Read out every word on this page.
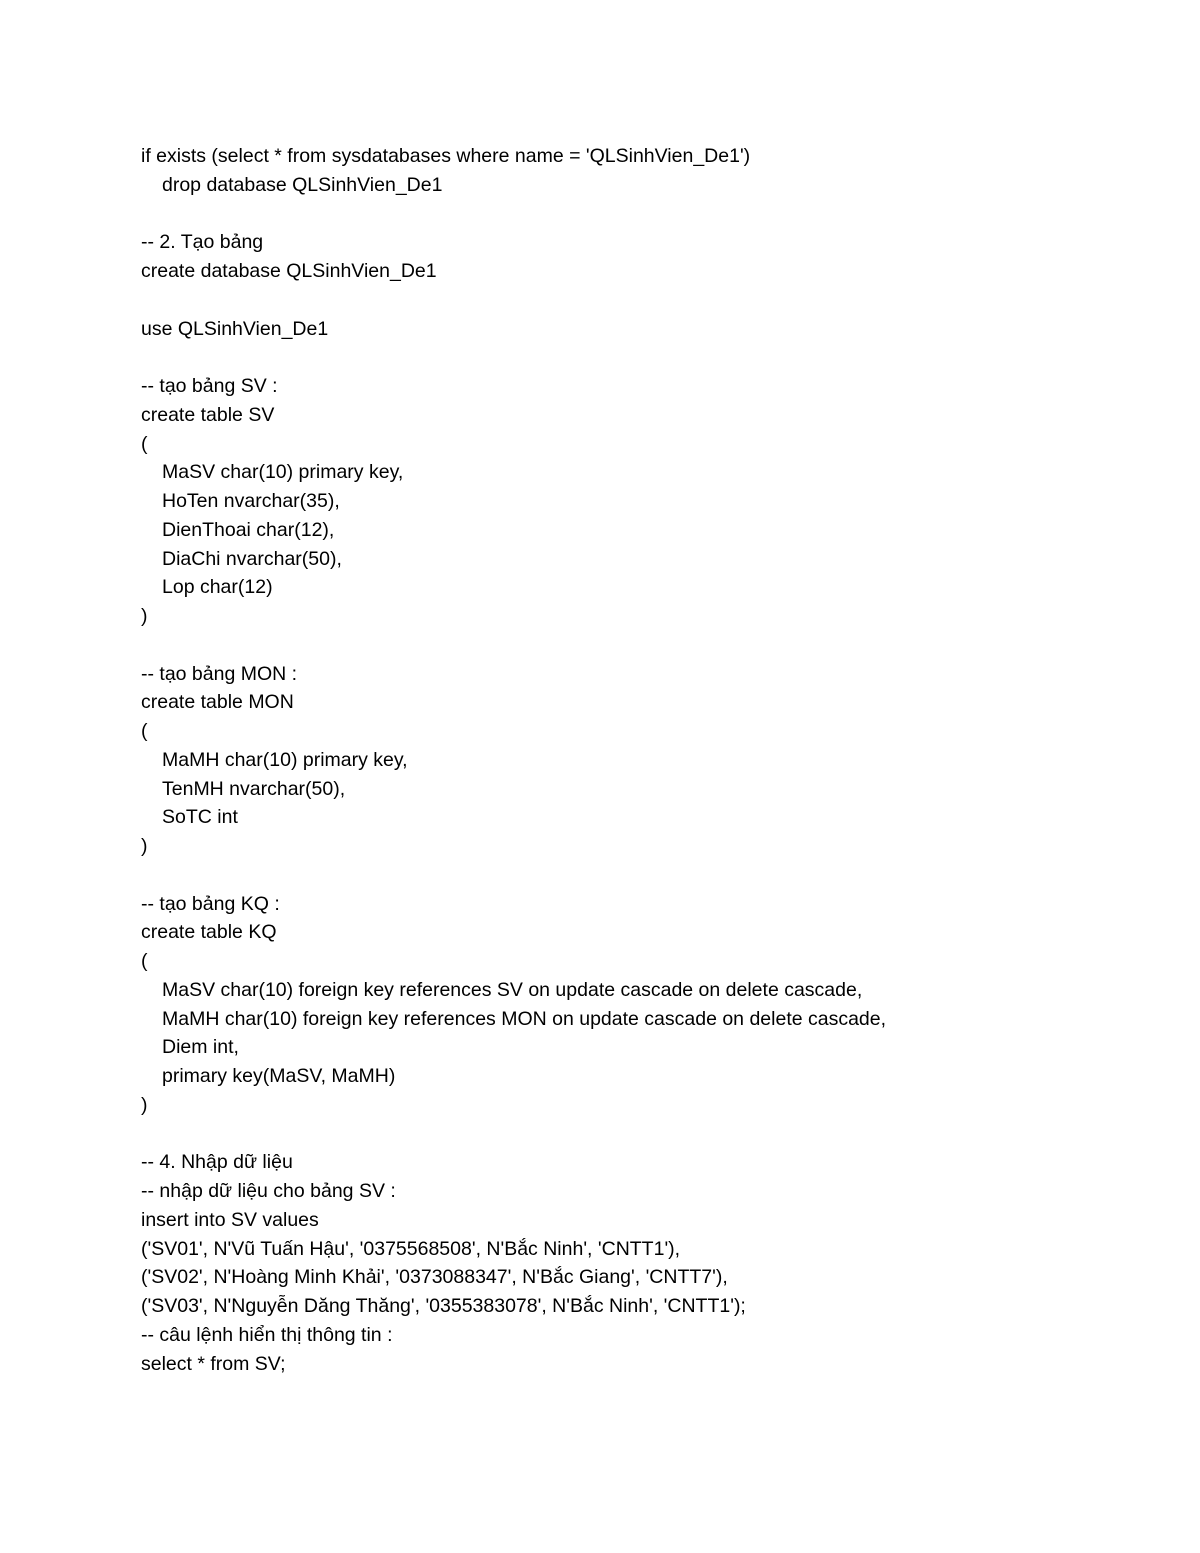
if exists (select * from sysdatabases where name = 'QLSinhVien_De1')
drop database QLSinhVien_De1
-- 2. Tạo bảng
create database QLSinhVien_De1
use QLSinhVien_De1
-- tạo bảng SV :
create table SV
(
MaSV char(10) primary key,
HoTen nvarchar(35),
DienThoai char(12),
DiaChi nvarchar(50),
Lop char(12)
)
-- tạo bảng MON :
create table MON
(
MaMH char(10) primary key,
TenMH nvarchar(50),
SoTC int
)
-- tạo bảng KQ :
create table KQ
(
MaSV char(10) foreign key references SV on update cascade on delete cascade,
MaMH char(10) foreign key references MON on update cascade on delete cascade,
Diem int,
primary key(MaSV, MaMH)
)
-- 4. Nhập dữ liệu
-- nhập dữ liệu cho bảng SV :
insert into SV values
('SV01', N'Vũ Tuấn Hậu', '0375568508', N'Bắc Ninh', 'CNTT1'),
('SV02', N'Hoàng Minh Khải', '0373088347', N'Bắc Giang', 'CNTT7'),
('SV03', N'Nguyễn Dăng Thăng', '0355383078', N'Bắc Ninh', 'CNTT1');
-- câu lệnh hiển thị thông tin :
select * from SV;
